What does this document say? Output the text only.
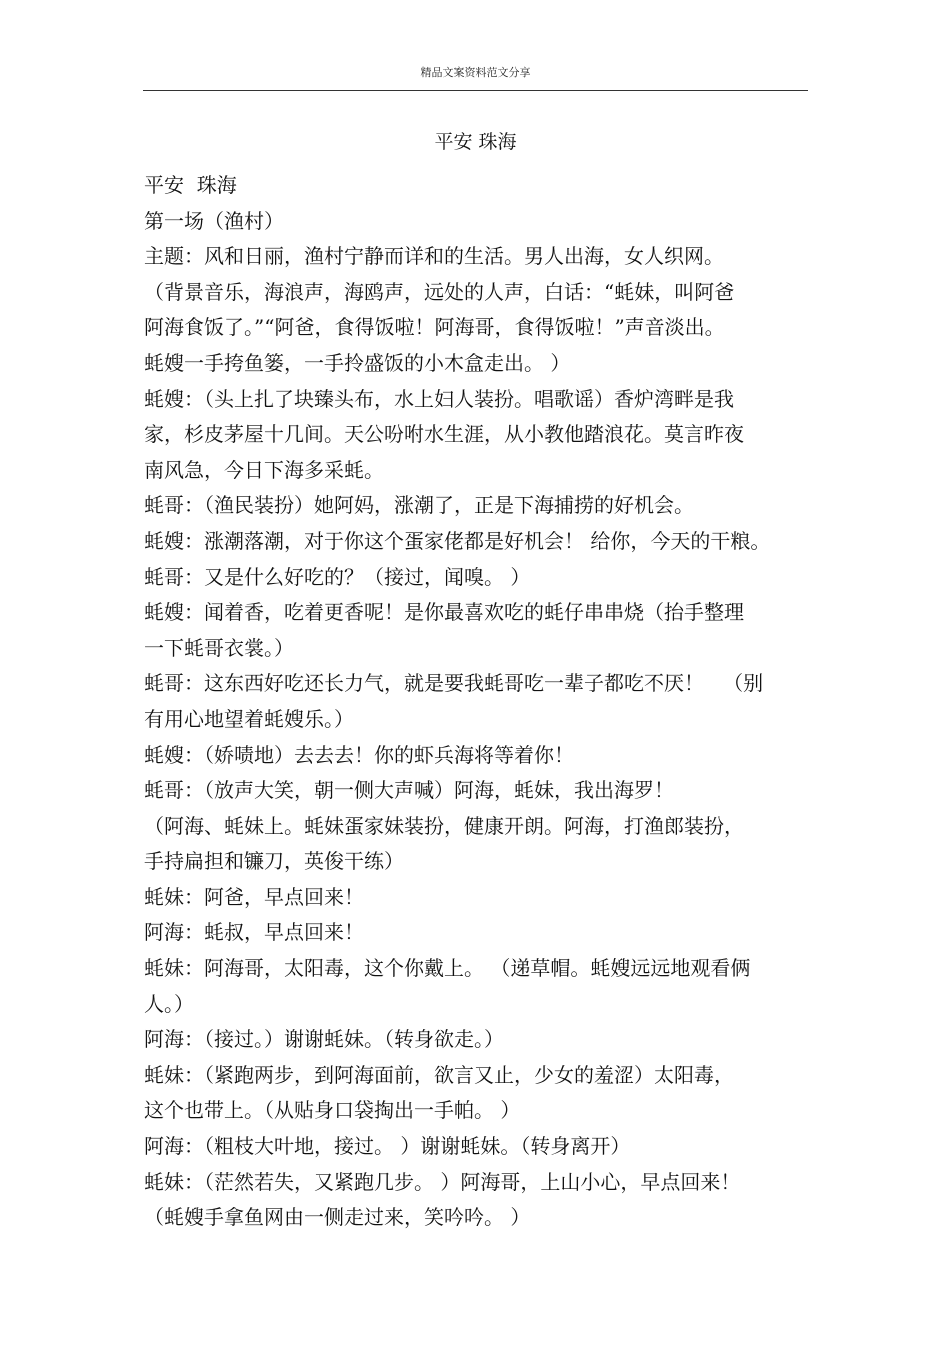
精品文案资料范文分享
平安 珠海

平安  珠海

第一场（渔村）

主题：风和日丽，渔村宁静而详和的生活。男人出海，女人织网。

（背景音乐，海浪声，海鸥声，远处的人声，白话：“蚝妹，叫阿爸

阿海食饭了。”“阿爸，食得饭啦！阿海哥，食得饭啦！”声音淡出。

蚝嫂一手挎鱼篓，一手拎盛饭的小木盒走出。 ）

蚝嫂：（头上扎了块臻头布，水上妇人装扮。唱歌谣）香炉湾畔是我

家，杉皮茅屋十几间。天公吩咐水生涯，从小教他踏浪花。莫言昨夜

南风急，今日下海多采蚝。

蚝哥：（渔民装扮）她阿妈，涨潮了，正是下海捕捞的好机会。

蚝嫂：涨潮落潮，对于你这个蛋家佬都是好机会！ 给你，今天的干粮。

蚝哥：又是什么好吃的？（接过，闻嗅。 ）

蚝嫂：闻着香，吃着更香呢！是你最喜欢吃的蚝仔串串烧（抬手整理

一下蚝哥衣裳。）

蚝哥：这东西好吃还长力气，就是要我蚝哥吃一辈子都吃不厌！   （别

有用心地望着蚝嫂乐。）

蚝嫂：（娇啧地）去去去！你的虾兵海将等着你！

蚝哥：（放声大笑，朝一侧大声喊）阿海，蚝妹，我出海罗！

（阿海、蚝妹上。蚝妹蛋家妹装扮，健康开朗。阿海，打渔郎装扮，

手持扁担和镰刀，英俊干练）

蚝妹：阿爸，早点回来！

阿海：蚝叔，早点回来！

蚝妹：阿海哥，太阳毒，这个你戴上。 （递草帽。蚝嫂远远地观看俩

人。）

阿海：（接过。）谢谢蚝妹。（转身欲走。）

蚝妹：（紧跑两步，到阿海面前，欲言又止，少女的羞涩）太阳毒，

这个也带上。（从贴身口袋掏出一手帕。 ）

阿海：（粗枝大叶地，接过。 ）谢谢蚝妹。（转身离开）

蚝妹：（茫然若失，又紧跑几步。 ）阿海哥，上山小心，早点回来！

（蚝嫂手拿鱼网由一侧走过来，笑吟吟。 ）
